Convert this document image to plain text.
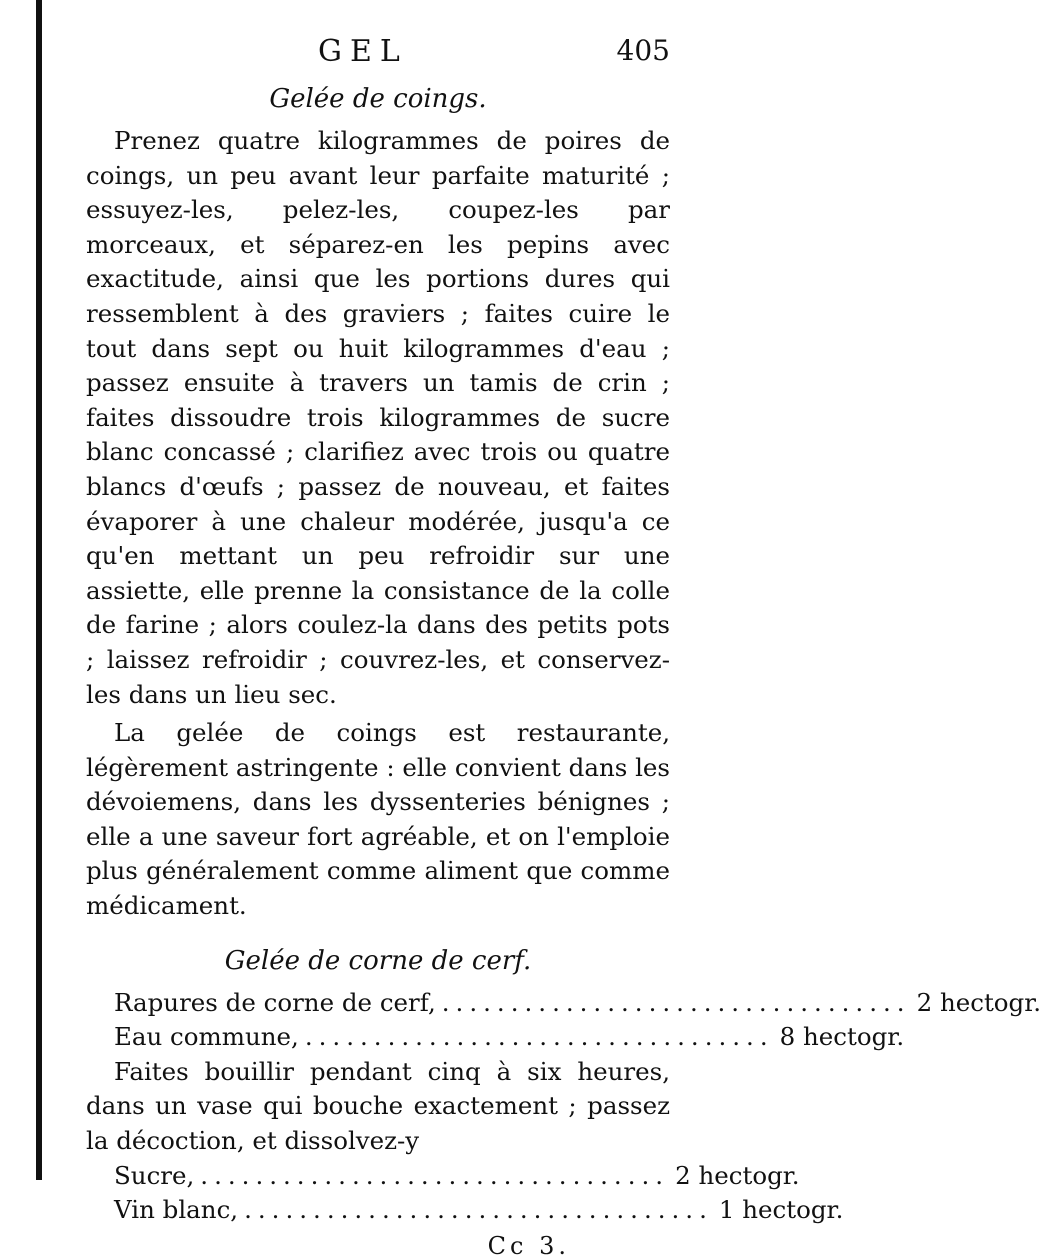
GEL	405
Gelée de coings.

Prenez quatre kilogrammes de poires de coings, un peu avant leur parfaite maturité ; essuyez-les, pelez-les, coupez-les par morceaux, et séparez-en les pepins avec exactitude, ainsi que les portions dures qui ressemblent à des graviers ; faites cuire le tout dans sept ou huit kilogrammes d'eau ; passez ensuite à travers un tamis de crin ; faites dissoudre trois kilogrammes de sucre blanc concassé ; clarifiez avec trois ou quatre blancs d'œufs ; passez de nouveau, et faites évaporer à une chaleur modérée, jusqu'a ce qu'en mettant un peu refroidir sur une assiette, elle prenne la consistance de la colle de farine ; alors coulez-la dans des petits pots ; laissez refroidir ; couvrez-les, et conservez-les dans un lieu sec.

La gelée de coings est restaurante, légèrement astringente : elle convient dans les dévoiemens, dans les dyssenteries bénignes ; elle a une saveur fort agréable, et on l'emploie plus généralement comme aliment que comme médicament.

Gelée de corne de cerf.
Rapures de corne de cerf, .................................. 2 hectogr.
Eau commune, .................................. 8 hectogr.

Faites bouillir pendant cinq à six heures, dans un vase qui bouche exactement ; passez la décoction, et dissolvez-y

Sucre, .................................. 2 hectogr.
Vin blanc, .................................. 1 hectogr.
Cc 3.
